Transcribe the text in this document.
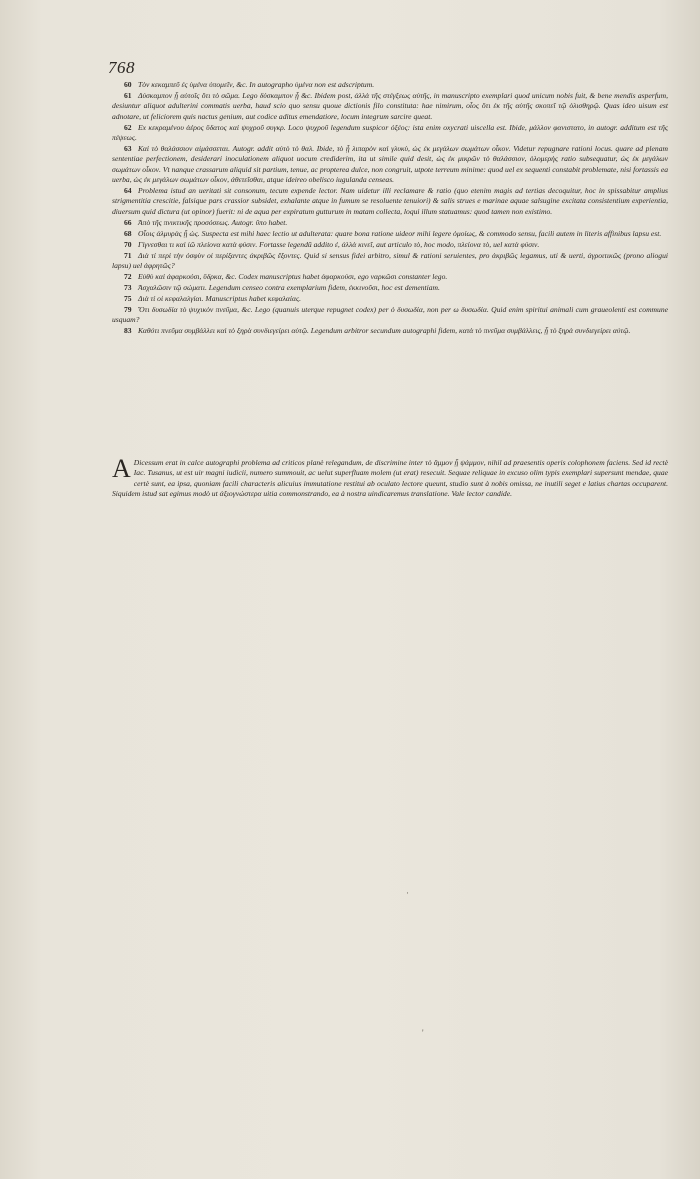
768

60 Τὸν κεκαμπεῦ ἐς ὑμένα ὑπομεῖν, &c. In autographo ὑμένα non est adscriptum.

61 Δύσκαμπον ᾗ αὐτοῖς ὅτι τὸ σῶμα. Lego δύσκαμπον ᾗ &c. Ibidem post, ἀλλὰ τῆς στέγξεως αὐτῆς, in manuscripto exemplari quod unicum nobis fuit, & bene mendis asperfum, desiuntur aliquot adulterini commatis uerba, haud scio quo sensu quoue dictionis filo constituta: hae nimirum, οἷος ὅτι ἐκ τῆς αὐτῆς σκοπεῖ τῷ ὁλισθηρῷ. Quas ideo uisum est adnotare, ut feliciorem quis nactus genium, aut codice aditus emendatiore, locum integrum sarcire queat.

62 Ex κεκραμένου ἀέρος ὕδατος καὶ ψυχροῦ συγκρ. Loco ψυχροῦ legendum suspicor ὀξέος: ista enim oxycrati uiscella est. Ibide, μάλλον φανιστατο, in autogr. additum est τῆς πέψεως.

63 Καὶ τὸ θαλάσσιον αἰμάσσεται. Autogr. addit αὐτὸ τὸ θαλ. Ibide, τὸ ᾗ λιπαρὸν καὶ γλυκὺ, ὡς ἐκ μεγάλων σωμάτων οἶκον. Videtur repugnare rationi locus. quare ad plenam sententiae perfectionem, desiderari inoculationem aliquot uocum crediderim, ita ut simile quid desit, ὡς ἐκ μικρῶν τὸ θαλάσσιον, ὁλομερὴς ratio subsequatur, ὡς ἐκ μεγάλων σωμάτων οἶκον. Vt nanque crassarum aliquid sit partium, tenue, ac propterea dulce, non congruit, utpote terreum minime: quod uel ex sequenti constabit problemate, nisi fortassis ea uerba, ὡς ἐκ μεγάλων σωμάτων οἶκον, ἀθετεῖσθαι, atque ideireo obelisco iugulanda censeas.

64 Problema istud an ueritati sit consonum, tecum expende lector. Nam uidetur illi reclamare & ratio (quo etenim magis ad tertias decoquitur, hoc in spissabitur amplius strigmentitia crescitie, falsique pars crassior subsidet, exhalante atque in fumum se resoluente tenuiori) & salis strues e marinae aquae salsugine excitata consistentium experientia, diuersum quid dictura (ut opinor) fuerit: ni de aqua per expiratum gutturum in matam collecta, loqui illum statuamus: quod tamen non existimo.

66 Ἀπὸ τῆς πνικτικῆς προσόσεως. Autogr. ὕπο habet.

68 Οἷοις ἀλμυρὰς ᾗ ὡς. Suspecta est mihi haec lectio ut adulterata: quare bona ratione uideor mihi legere ὁμοίως, & commodo sensu, facili autem in literis affinibus lapsu est.

70 Γίγνεσθαι τι καὶ ἰῶ πλείονα κατὰ φύσιν. Fortasse legendū addito ἐ, ἀλλὰ κινεῖ, aut articulo τὸ, hoc modo, πλείονα τὸ, uel κατὰ φύσιν.

71 Διὰ τί περὶ τὴν ὀσφὺν οἱ περίξαντες ἀκριβῶς ἕξοντες. Quid si sensus fidei arbitro, simul & rationi seruientes, pro ἀκριβῶς legamus, uti & uerti, ἀγροιτικῶς (prono aliogui lapsu) uel ἀφρητῶς?

72 Εὐθὺ καὶ ἀφαρκούσι, ὕδρκα, &c. Codex manuscriptus habet ἀφαρκούσι, ego ναρκῶσι constanter lego.

73 Ἀσχαλῶσιν τῷ σώματι. Legendum censeo contra exemplarium fidem, ἐκκινοῦσι, hoc est dementiam.

75 Διὰ τί οἱ κεφαλαλγίαι. Manuscriptus habet κεφαλαίας.

79 Ὅτι δυσωδία τὸ ψυχικὸν πνεῦμα, &c. Lego (quanuis uterque repugnet codex) per ὁ δυσωδία, non per ω δυσωδία. Quid enim spiritui animali cum graueolenti est commune usquam?

83 Καθότι πνεῦμα συμβάλλει καὶ τὸ ξηρὰ συνδιεγείρει αὐτῷ. Legendum arbitror secundum autographi fidem, κατὰ τὸ πνεῦμα συμβάλλεις, ᾗ τὸ ξηρὰ συνδιεγείρει αὐτῷ.

A Dicessum erat in calce autographi problema ad criticos planè relegandum, de discrimine inter τὸ ἄμμον ᾗ ψάμμον, nihil ad praesentis operis colophonem faciens. Sed id rectè Iac. Tusanus, ut est uir magni iudicii, numero summouit, ac uelut superfluam molem (ut erat) resecuit. Sequae reliquae in excuso olim typis exemplari supersunt mendae, quae certè sunt, ea ipsa, quoniam facili characteris alicuius immutatione restitui ab oculato lectore queunt, studio sunt à nobis omissa, ne inutili seget e latius chartas occuparent. Siquidem istud sat egimus modò ut ἀξιογνώστερα uitia commonstrando, ea à nostra uindicaremus translatione. Vale lector candide.
'
·
